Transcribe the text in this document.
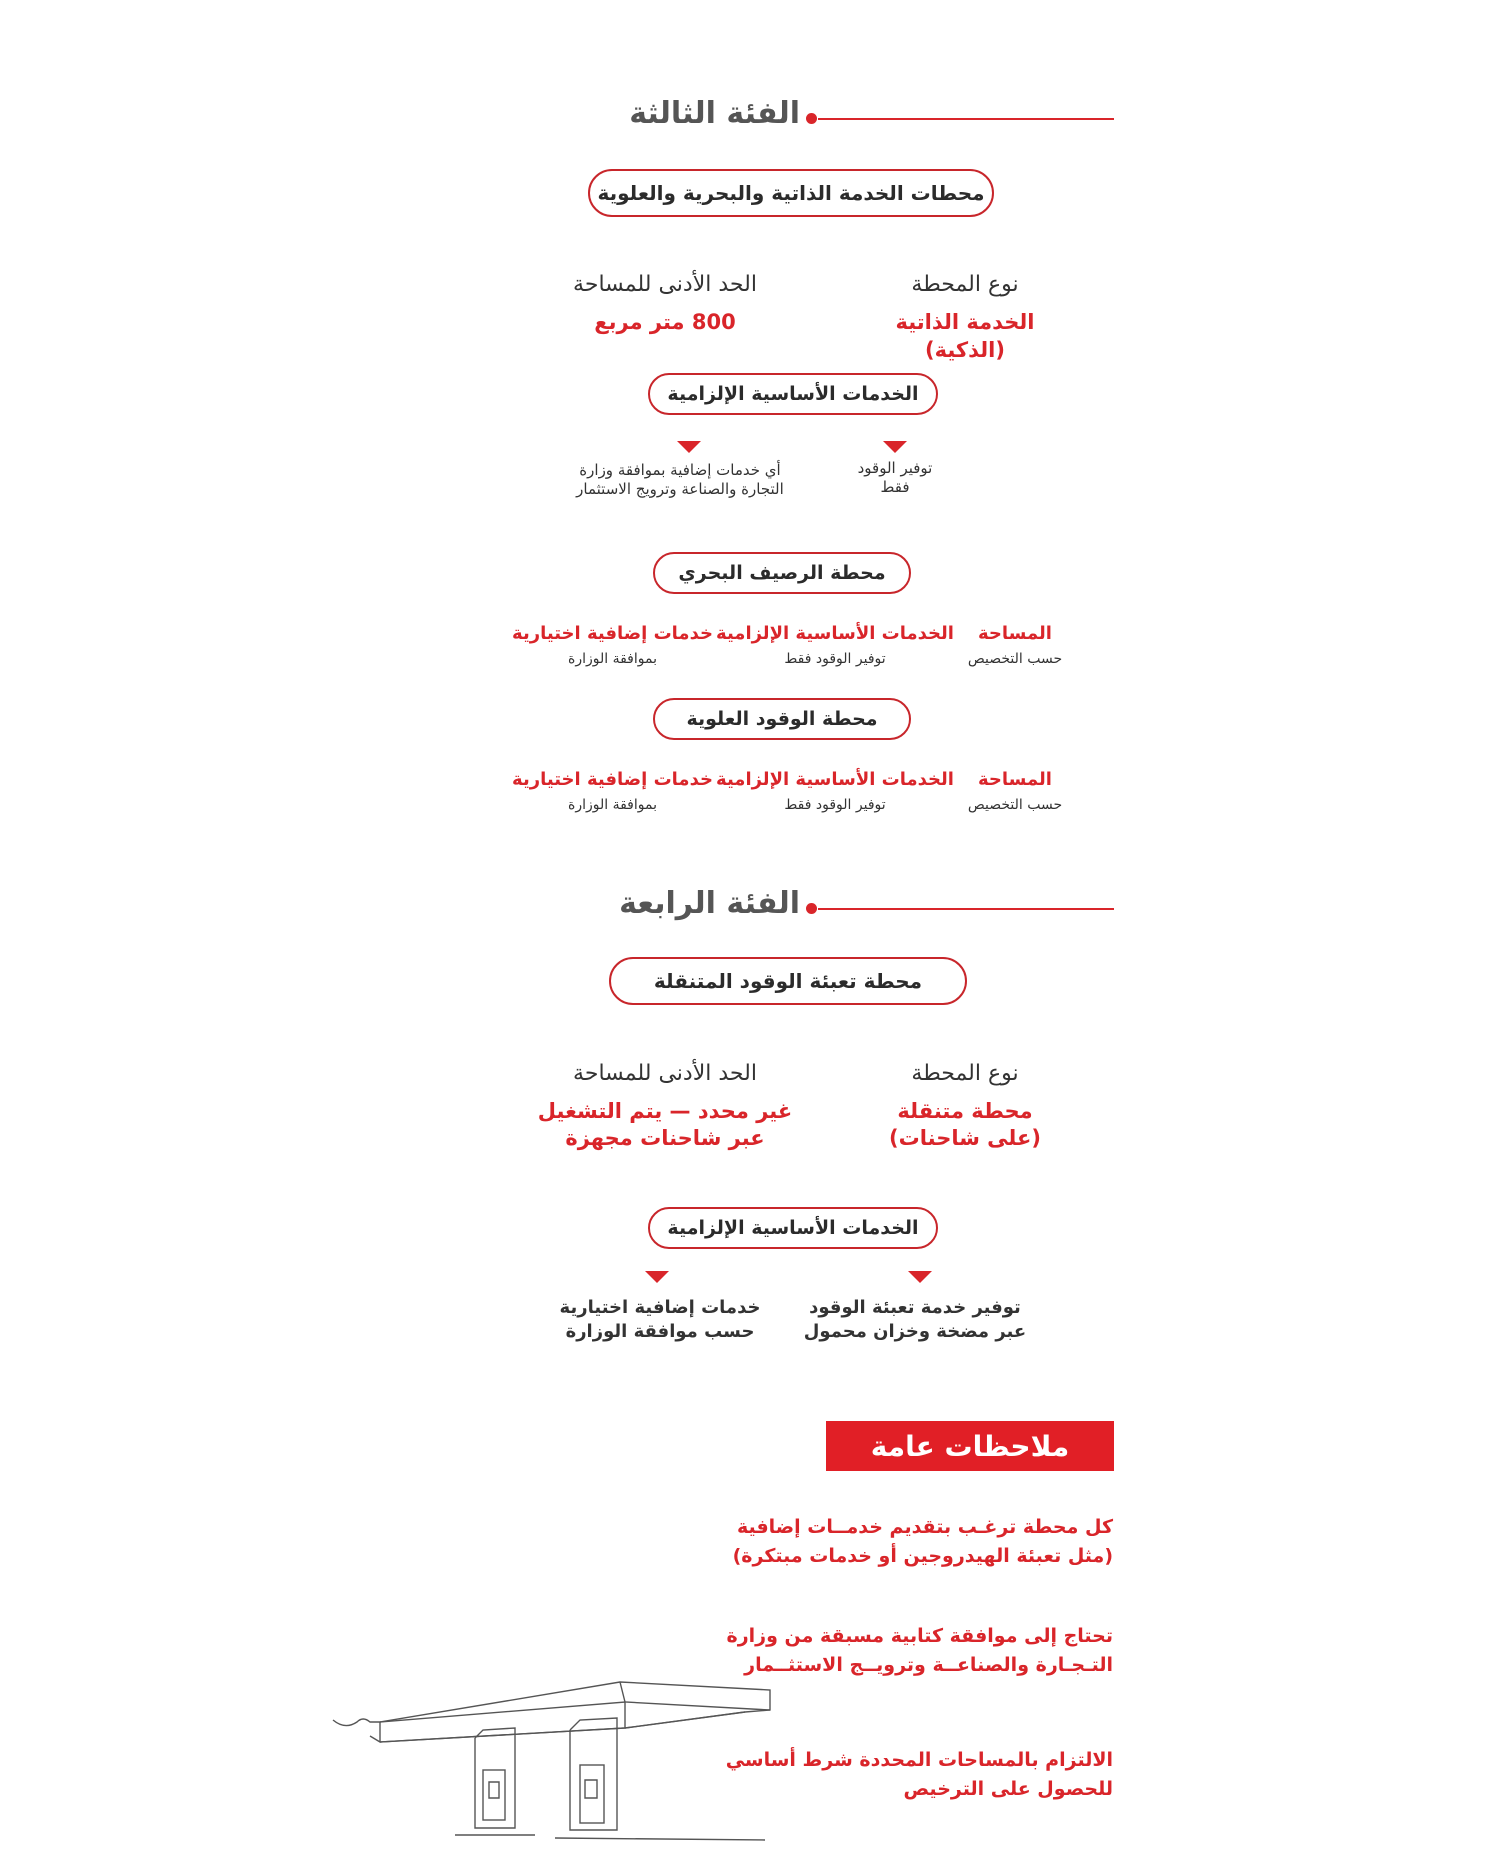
الفئة الثالثة
محطات الخدمة الذاتية والبحرية والعلوية
الحد الأدنى للمساحة
800 متر مربع
نوع المحطة
الخدمة الذاتية
(الذكية)
الخدمات الأساسية الإلزامية
أي خدمات إضافية بموافقة وزارة
التجارة والصناعة وترويج الاستثمار
توفير الوقود
فقط
محطة الرصيف البحري
المساحة
حسب التخصيص
الخدمات الأساسية الإلزامية
توفير الوقود فقط
خدمات إضافية اختيارية
بموافقة الوزارة
محطة الوقود العلوية
المساحة
حسب التخصيص
الخدمات الأساسية الإلزامية
توفير الوقود فقط
خدمات إضافية اختيارية
بموافقة الوزارة
الفئة الرابعة
محطة تعبئة الوقود المتنقلة
الحد الأدنى للمساحة
غير محدد — يتم التشغيل
عبر شاحنات مجهزة
نوع المحطة
محطة متنقلة
(على شاحنات)
الخدمات الأساسية الإلزامية
خدمات إضافية اختيارية
حسب موافقة الوزارة
توفير خدمة تعبئة الوقود
عبر مضخة وخزان محمول
ملاحظات عامة
كل محطة ترغـب بتقديم خدمــات إضافية
(مثل تعبئة الهيدروجين أو خدمات مبتكرة)
تحتاج إلى موافقة كتابية مسبقة من وزارة
التـجـارة والصناعــة وترويــج الاستثــمار
الالتزام بالمساحات المحددة شرط أساسي
للحصول على الترخيص
